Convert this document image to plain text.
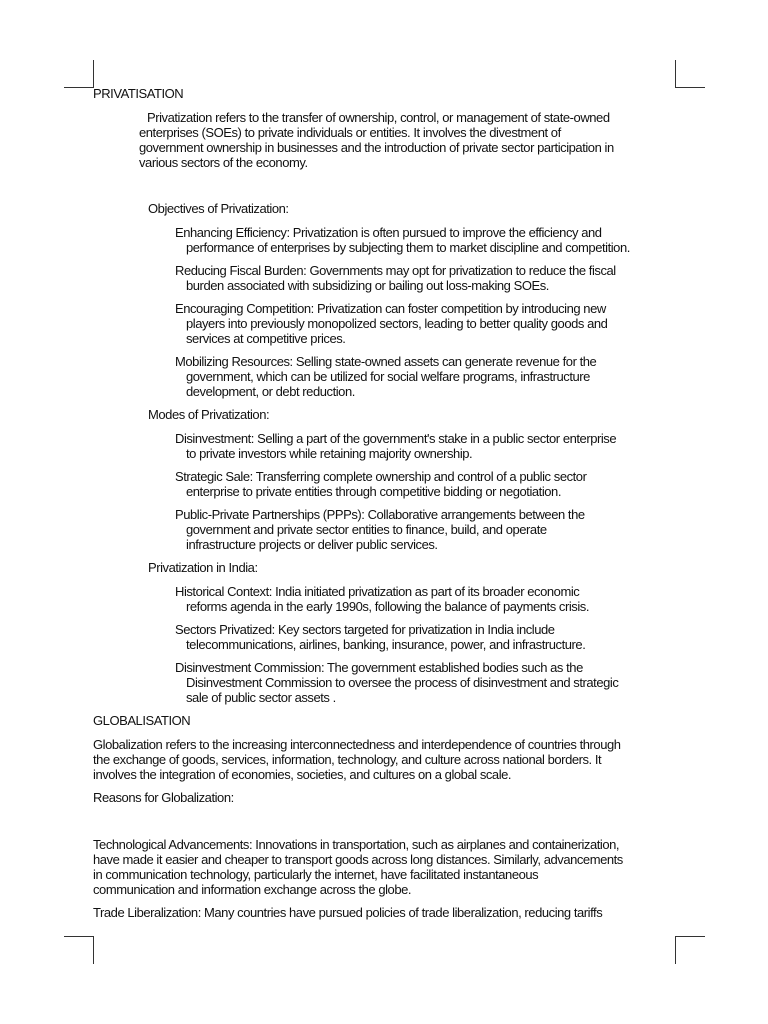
PRIVATISATION
Privatization refers to the transfer of ownership, control, or management of state-owned
enterprises (SOEs) to private individuals or entities. It involves the divestment of
government ownership in businesses and the introduction of private sector participation in
various sectors of the economy.
Objectives of Privatization:
Enhancing Efficiency: Privatization is often pursued to improve the efficiency and
performance of enterprises by subjecting them to market discipline and competition.
Reducing Fiscal Burden: Governments may opt for privatization to reduce the fiscal
burden associated with subsidizing or bailing out loss-making SOEs.
Encouraging Competition: Privatization can foster competition by introducing new
players into previously monopolized sectors, leading to better quality goods and
services at competitive prices.
Mobilizing Resources: Selling state-owned assets can generate revenue for the
government, which can be utilized for social welfare programs, infrastructure
development, or debt reduction.
Modes of Privatization:
Disinvestment: Selling a part of the government's stake in a public sector enterprise
to private investors while retaining majority ownership.
Strategic Sale: Transferring complete ownership and control of a public sector
enterprise to private entities through competitive bidding or negotiation.
Public-Private Partnerships (PPPs): Collaborative arrangements between the
government and private sector entities to finance, build, and operate
infrastructure projects or deliver public services.
Privatization in India:
Historical Context: India initiated privatization as part of its broader economic
reforms agenda in the early 1990s, following the balance of payments crisis.
Sectors Privatized: Key sectors targeted for privatization in India include
telecommunications, airlines, banking, insurance, power, and infrastructure.
Disinvestment Commission: The government established bodies such as the
Disinvestment Commission to oversee the process of disinvestment and strategic
sale of public sector assets .
GLOBALISATION
Globalization refers to the increasing interconnectedness and interdependence of countries through
the exchange of goods, services, information, technology, and culture across national borders. It
involves the integration of economies, societies, and cultures on a global scale.
Reasons for Globalization:
Technological Advancements: Innovations in transportation, such as airplanes and containerization,
have made it easier and cheaper to transport goods across long distances. Similarly, advancements
in communication technology, particularly the internet, have facilitated instantaneous
communication and information exchange across the globe.
Trade Liberalization: Many countries have pursued policies of trade liberalization, reducing tariffs
